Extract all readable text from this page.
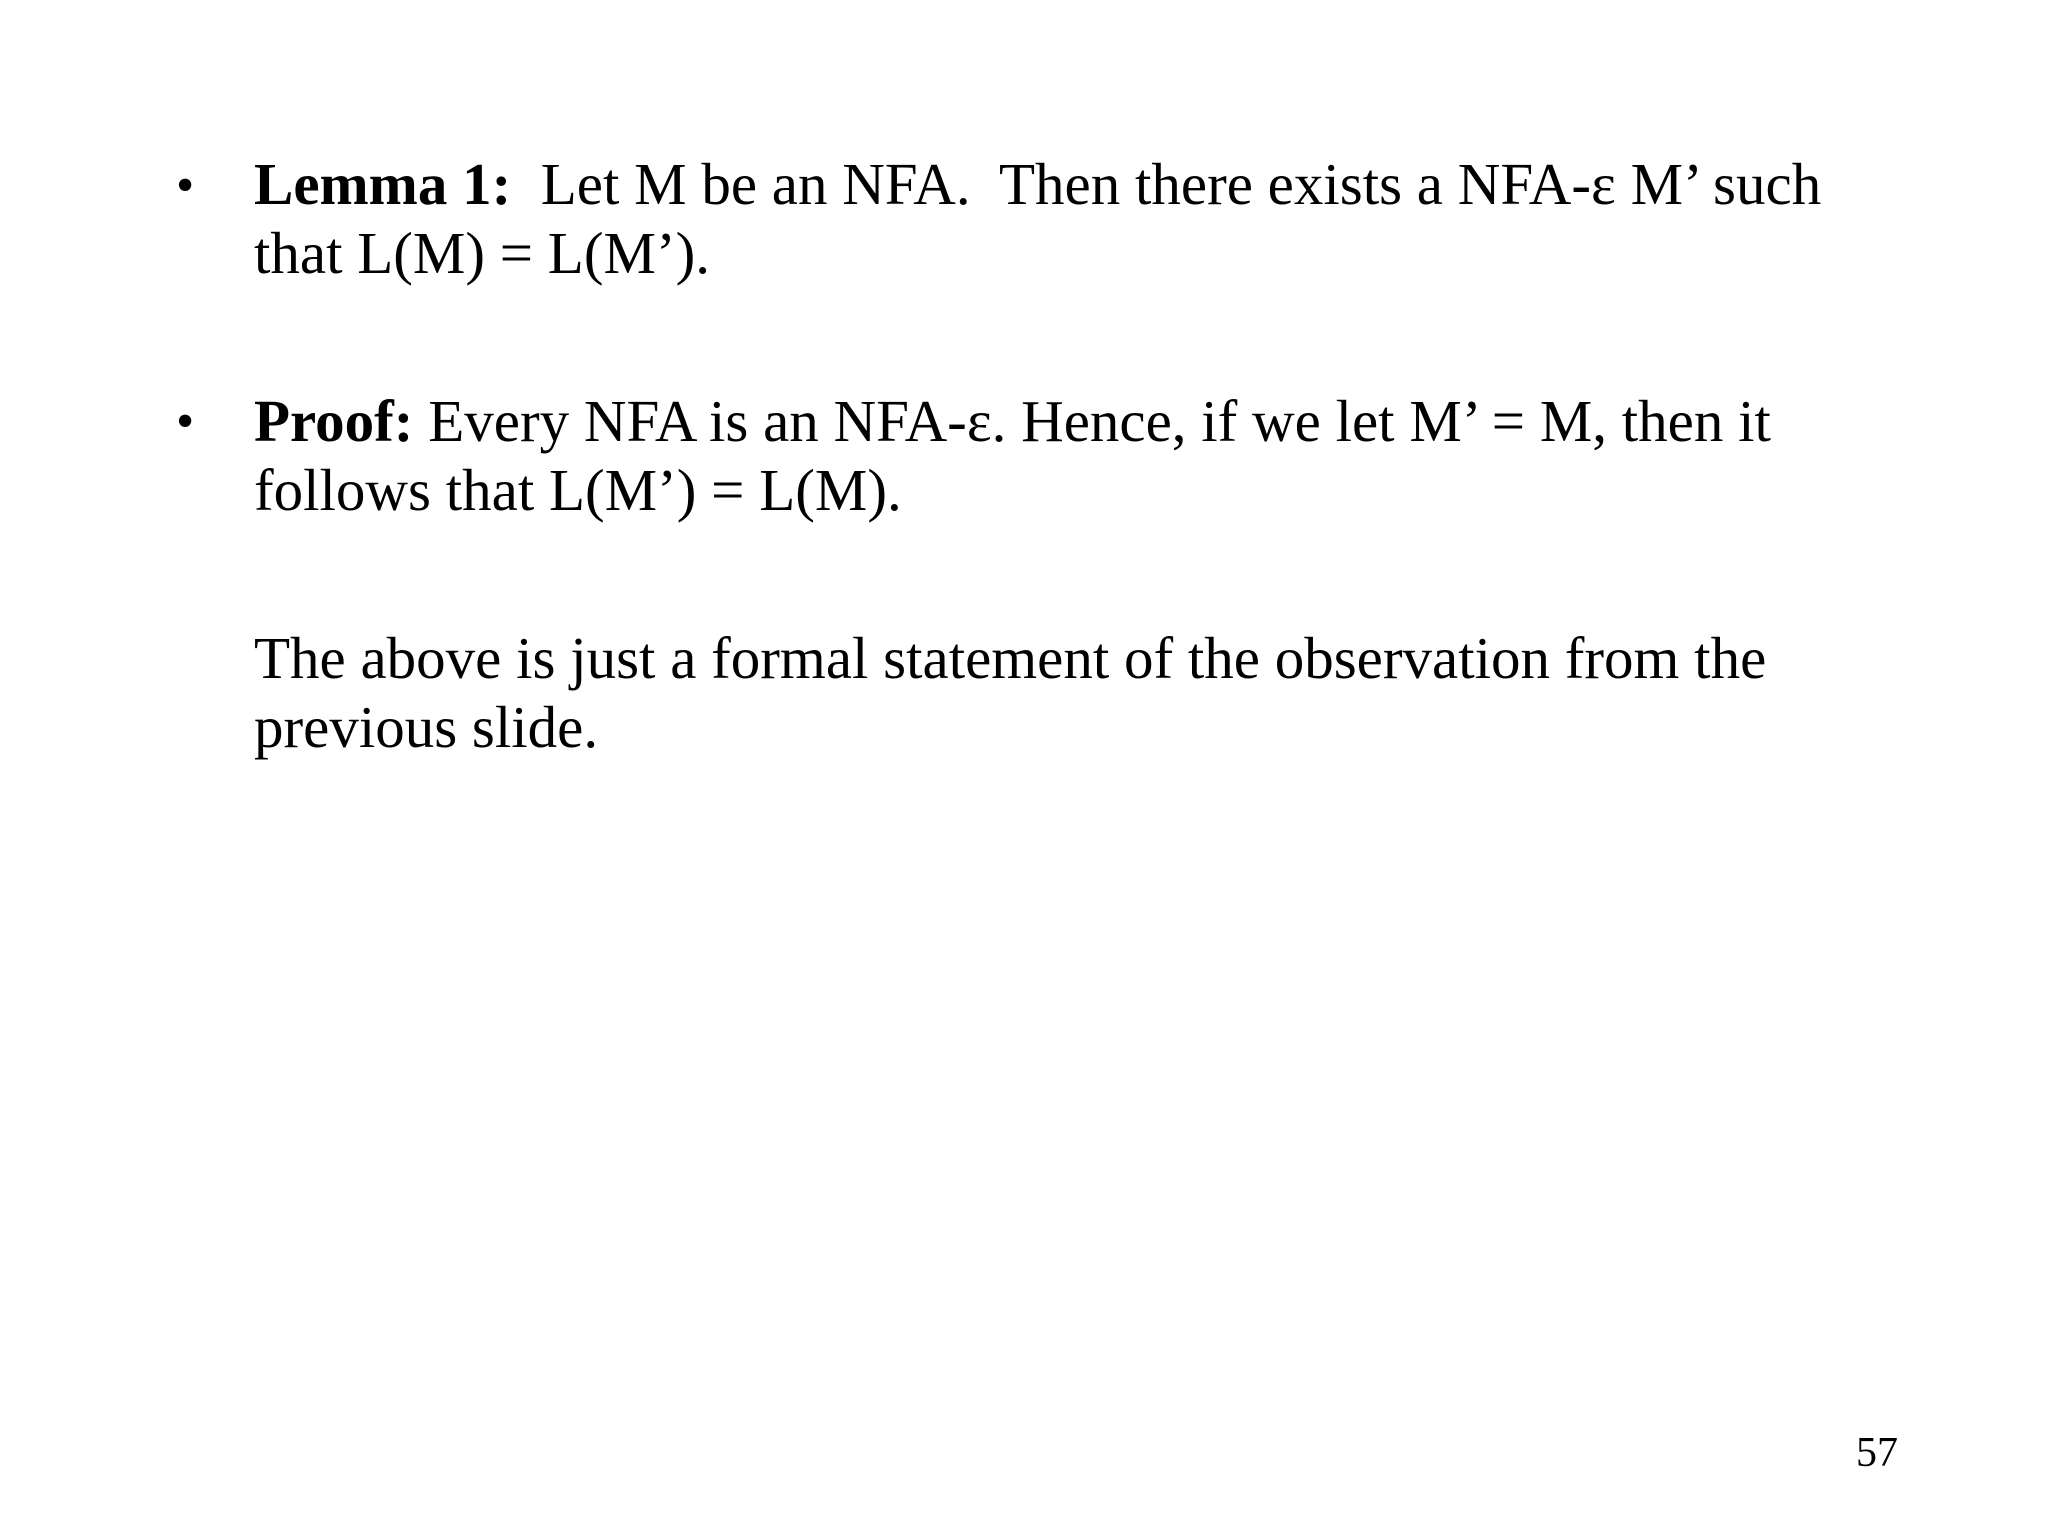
• Lemma 1:  Let M be an NFA.  Then there exists a NFA-ε M’ such
that L(M) = L(M’).
• Proof: Every NFA is an NFA-ε. Hence, if we let M’ = M, then it
follows that L(M’) = L(M).
The above is just a formal statement of the observation from the
previous slide.
57
